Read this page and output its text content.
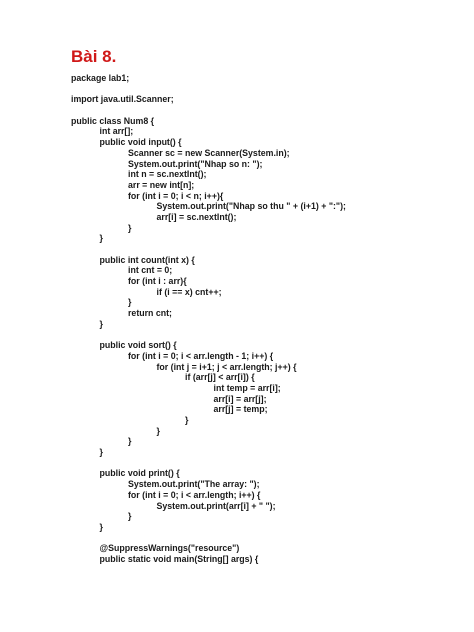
Bài 8.
package lab1;
import java.util.Scanner;
public class Num8 {
int arr[];
public void input() {
Scanner sc = new Scanner(System.in);
System.out.print("Nhap so n: ");
int n = sc.nextInt();
arr = new int[n];
for (int i = 0; i < n; i++){
System.out.print("Nhap so thu " + (i+1) + ":");
arr[i] = sc.nextInt();
}
}
public int count(int x) {
int cnt = 0;
for (int i : arr){
if (i == x) cnt++;
}
return cnt;
}
public void sort() {
for (int i = 0; i < arr.length - 1; i++) {
for (int j = i+1; j < arr.length; j++) {
if (arr[j] < arr[i]) {
int temp = arr[i];
arr[i] = arr[j];
arr[j] = temp;
}
}
}
}
public void print() {
System.out.print("The array: ");
for (int i = 0; i < arr.length; i++) {
System.out.print(arr[i] + " ");
}
}
@SuppressWarnings("resource")
public static void main(String[] args) {
